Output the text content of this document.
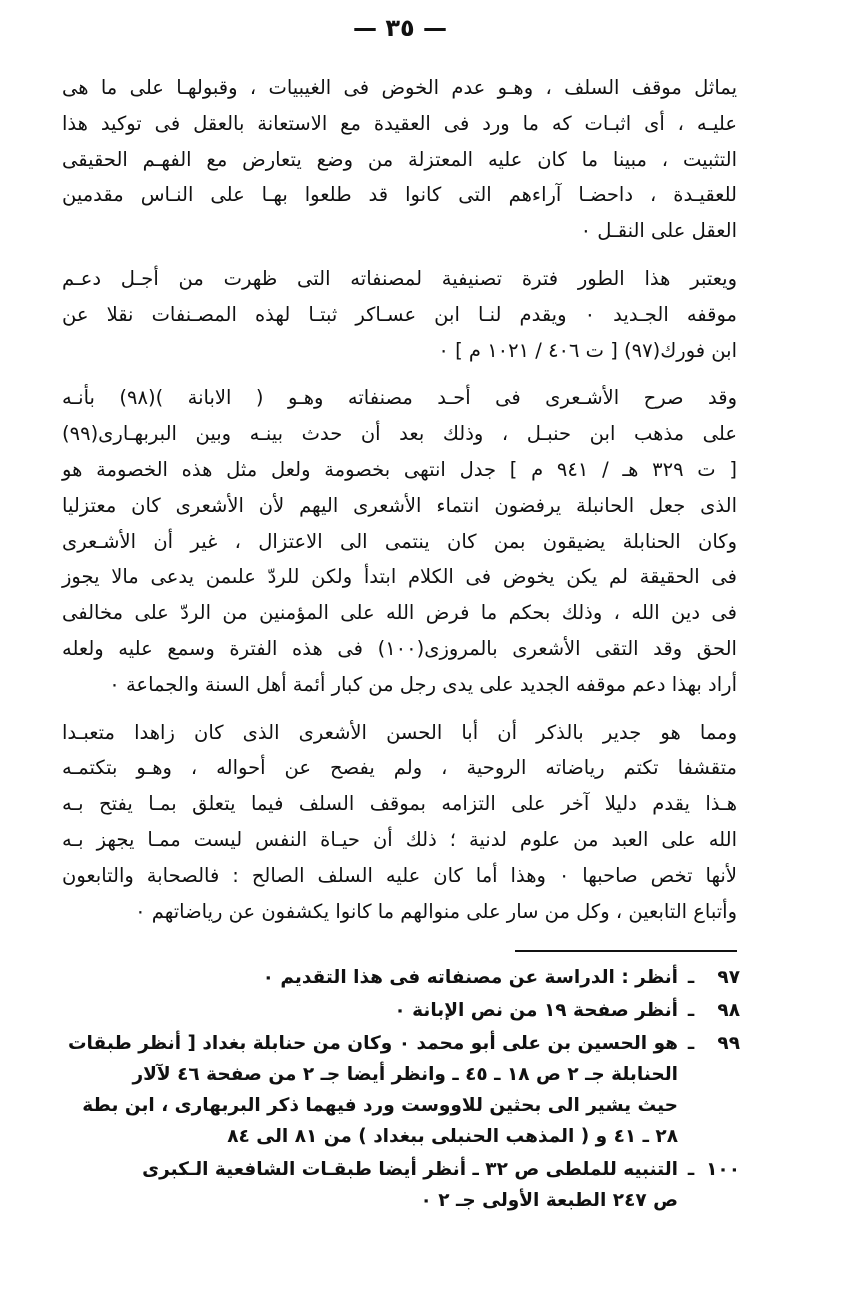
— ٣٥ —

يماثل موقف السلف ، وهـو عدم الخوض فى الغيبيات ، وقبولهـا على ما هى
عليـه ، أى اثبـات كه ما ورد فى العقيدة مع الاستعانة بالعقل فى توكيد هذا
التثبيت ، مبينا ما كان عليه المعتزلة من وضع يتعارض مع الفهـم الحقيقى
للعقيـدة ، داحضـا آراءهم التى كانوا قد طلعوا بهـا على النـاس مقدمين
العقل على النقـل ٠

ويعتبر هذا الطور فترة تصنيفية لمصنفاته التى ظهرت من أجـل دعـم
موقفه الجـديد ٠ ويقدم لنـا ابن عسـاكر ثبتـا لهذه المصـنفات نقلا عن
ابن فورك(٩٧) [ ت ٤٠٦ / ١٠٢١ م ] ٠

وقد صرح الأشـعرى فى أحـد مصنفاته وهـو ( الابانة )(٩٨) بأنـه
على مذهب ابن حنبـل ، وذلك بعد أن حدث بينـه وبين البربهـارى(٩٩)
[ ت ٣٢٩ هـ / ٩٤١ م ] جدل انتهى بخصومة ولعل مثل هذه الخصومة هو
الذى جعل الحانبلة يرفضون انتماء الأشعرى اليهم لأن الأشعرى كان معتزليا
وكان الحنابلة يضيقون بمن كان ينتمى الى الاعتزال ، غير أن الأشـعرى
فى الحقيقة لم يكن يخوض فى الكلام ابتدأ ولكن للردّ علىمن يدعى مالا يجوز
فى دين الله ، وذلك بحكم ما فرض الله على المؤمنين من الردّ على مخالفى
الحق وقد التقى الأشعرى بالمروزى(١٠٠) فى هذه الفترة وسمع عليه ولعله
أراد بهذا دعم موقفه الجديد على يدى رجل من كبار أئمة أهل السنة والجماعة ٠

ومما هو جدير بالذكر أن أبا الحسن الأشعرى الذى كان زاهدا متعبـدا
متقشفا تكتم رياضاته الروحية ، ولم يفصح عن أحواله ، وهـو بتكتمـه
هـذا يقدم دليلا آخر على التزامه بموقف السلف فيما يتعلق بمـا يفتح بـه
الله على العبد من علوم لدنية ؛ ذلك أن حيـاة النفس ليست ممـا يجهز بـه
لأنها تخص صاحبها ٠ وهذا أما كان عليه السلف الصالح : فالصحابة والتابعون
وأتباع التابعين ، وكل من سار على منوالهم ما كانوا يكشفون عن رياضاتهم ٠

٩٧
ـ
أنظر : الدراسة عن مصنفاته فى هذا التقديم ٠
٩٨
ـ
أنظر صفحة ١٩ من نص الإبانة ٠
٩٩
ـ
هو الحسين بن على أبو محمد ٠ وكان من حنابلة بغداد [ أنظر طبقات
الحنابلة جـ ٢ ص ١٨ ـ ٤٥ ـ وانظر أيضا جـ ٢ من صفحة ٤٦ لآلار
حيث يشير الى بحثين للاووست ورد فيهما ذكر البربهارى ، ابن بطة
٢٨ ـ ٤١ و ( المذهب الحنبلى ببغداد ) من ٨١ الى ٨٤
١٠٠
ـ
التنبيه للملطى ص ٣٢ ـ أنظر أيضا طبقـات الشافعية الـكبرى
ص ٢٤٧ الطبعة الأولى جـ ٢ ٠
